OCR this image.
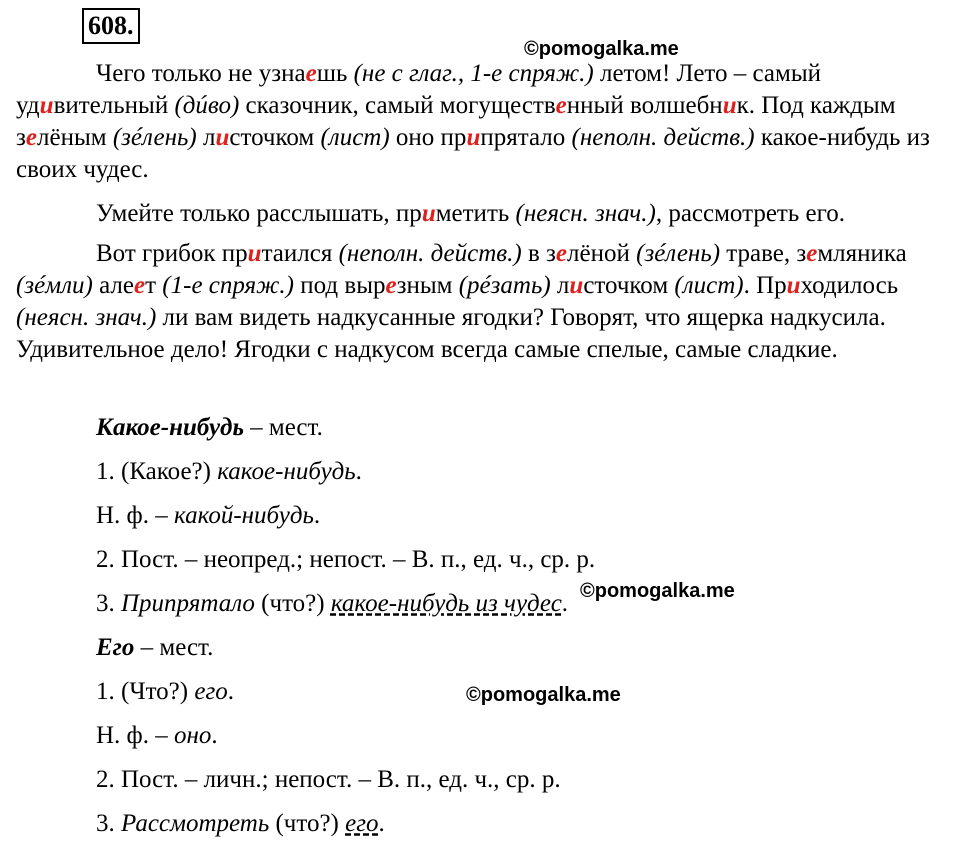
608.
©pomogalka.me
©pomogalka.me
©pomogalka.me

Чего только не узнаешь (не с глаг., 1-е спряж.) летом! Лето – самый удивительный (дúво) сказочник, самый могущественный волшебник. Под каждым зелёным (зéлень) листочком (лист) оно припрятало (неполн. действ.) какое-нибудь из своих чудес.

Умейте только расслышать, приметить (неясн. знач.), рассмотреть его.

Вот грибок притаился (неполн. действ.) в зелёной (зéлень) траве, земляника (зéмли) алеет (1-е спряж.) под вырезным (рéзать) листочком (лист). Приходилось (неясн. знач.) ли вам видеть надкусанные ягодки? Говорят, что ящерка надкусила. Удивительное дело! Ягодки с надкусом всегда самые спелые, самые сладкие.

Какое-нибудь – мест.

1. (Какое?) какое-нибудь.

Н. ф. – какой-нибудь.

2. Пост. – неопред.; непост. – В. п., ед. ч., ср. р.

3. Припрятало (что?) какое-нибудь из чудес.

Его – мест.

1. (Что?) его.

Н. ф. – оно.

2. Пост. – личн.; непост. – В. п., ед. ч., ср. р.

3. Рассмотреть (что?) его.
